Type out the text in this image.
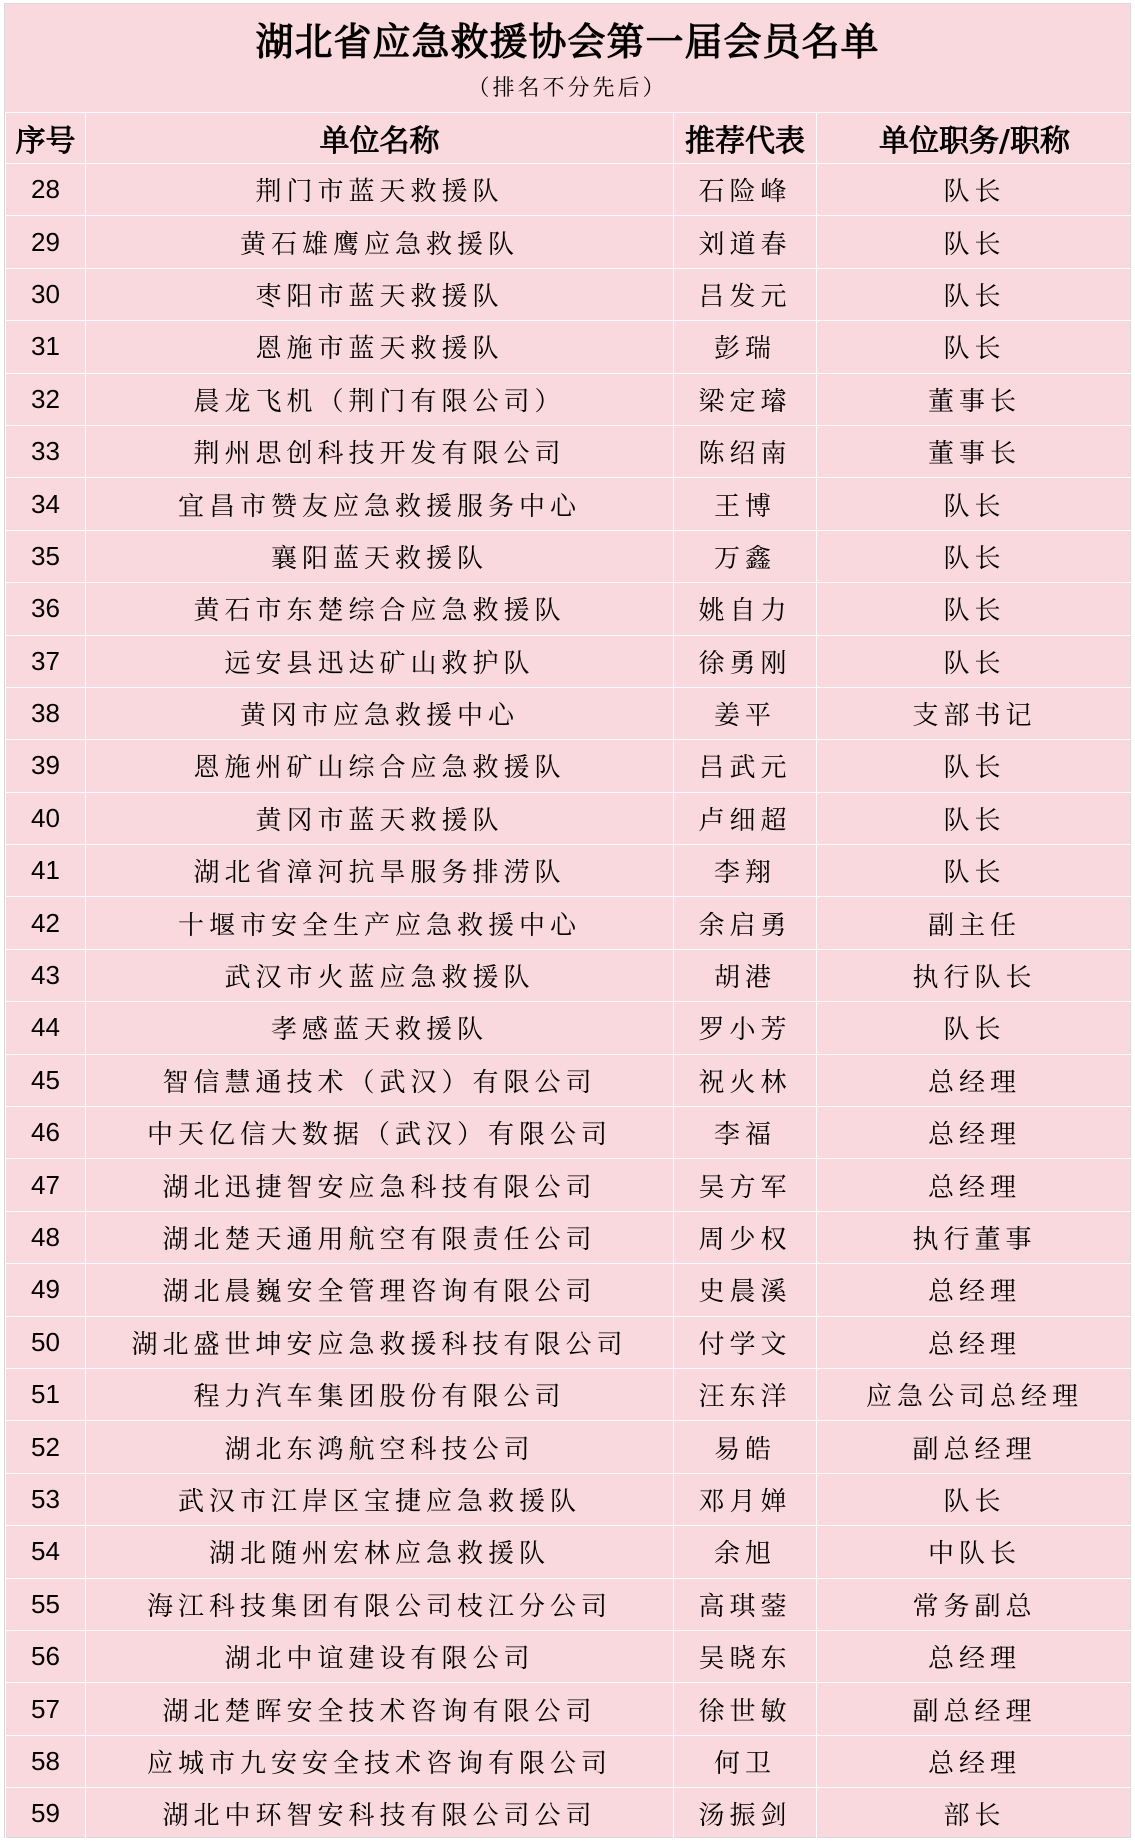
湖北省应急救援协会第一届会员名单
（排名不分先后）
序号	单位名称	推荐代表	单位职务/职称
28	荆门市蓝天救援队	石险峰	队长
29	黄石雄鹰应急救援队	刘道春	队长
30	枣阳市蓝天救援队	吕发元	队长
31	恩施市蓝天救援队	彭瑞	队长
32	晨龙飞机（荆门有限公司）	梁定璿	董事长
33	荆州思创科技开发有限公司	陈绍南	董事长
34	宜昌市赞友应急救援服务中心	王博	队长
35	襄阳蓝天救援队	万鑫	队长
36	黄石市东楚综合应急救援队	姚自力	队长
37	远安县迅达矿山救护队	徐勇刚	队长
38	黄冈市应急救援中心	姜平	支部书记
39	恩施州矿山综合应急救援队	吕武元	队长
40	黄冈市蓝天救援队	卢细超	队长
41	湖北省漳河抗旱服务排涝队	李翔	队长
42	十堰市安全生产应急救援中心	余启勇	副主任
43	武汉市火蓝应急救援队	胡港	执行队长
44	孝感蓝天救援队	罗小芳	队长
45	智信慧通技术（武汉）有限公司	祝火林	总经理
46	中天亿信大数据（武汉）有限公司	李福	总经理
47	湖北迅捷智安应急科技有限公司	吴方军	总经理
48	湖北楚天通用航空有限责任公司	周少权	执行董事
49	湖北晨巍安全管理咨询有限公司	史晨溪	总经理
50	湖北盛世坤安应急救援科技有限公司	付学文	总经理
51	程力汽车集团股份有限公司	汪东洋	应急公司总经理
52	湖北东鸿航空科技公司	易皓	副总经理
53	武汉市江岸区宝捷应急救援队	邓月婵	队长
54	湖北随州宏林应急救援队	余旭	中队长
55	海江科技集团有限公司枝江分公司	高琪蓥	常务副总
56	湖北中谊建设有限公司	吴晓东	总经理
57	湖北楚晖安全技术咨询有限公司	徐世敏	副总经理
58	应城市九安安全技术咨询有限公司	何卫	总经理
59	湖北中环智安科技有限公司公司	汤振剑	部长
